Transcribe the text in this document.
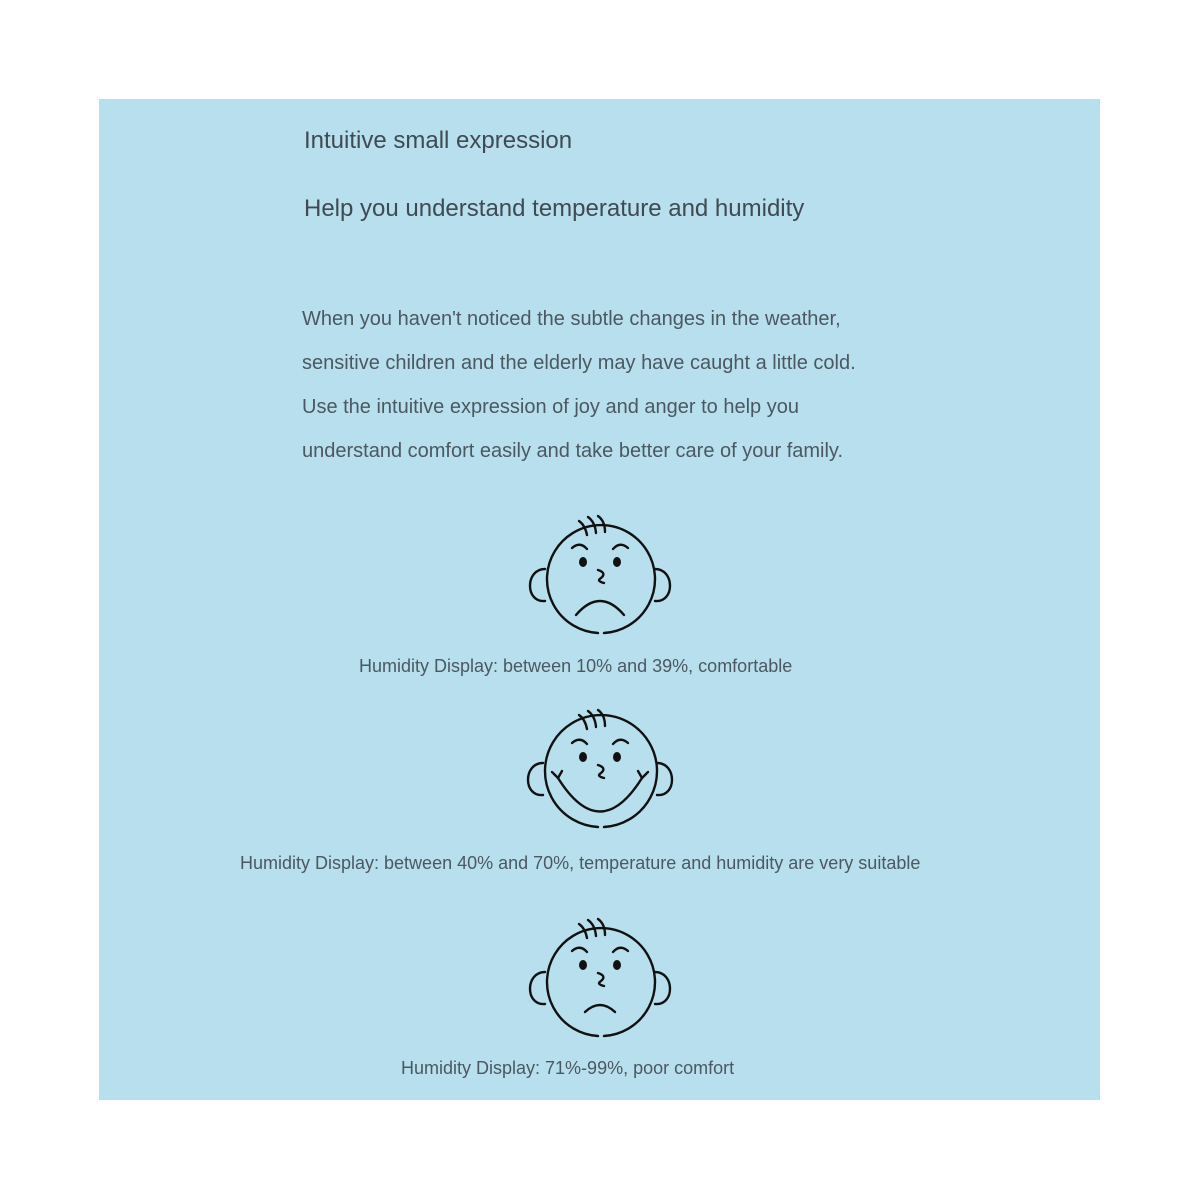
Intuitive small expression
Help you understand temperature and humidity
When you haven't noticed the subtle changes in the weather,
sensitive children and the elderly may have caught a little cold.
Use the intuitive expression of joy and anger to help you
understand comfort easily and take better care of your family.
Humidity Display: between 10% and 39%, comfortable
Humidity Display: between 40% and 70%, temperature and humidity are very suitable
Humidity Display: 71%-99%, poor comfort
